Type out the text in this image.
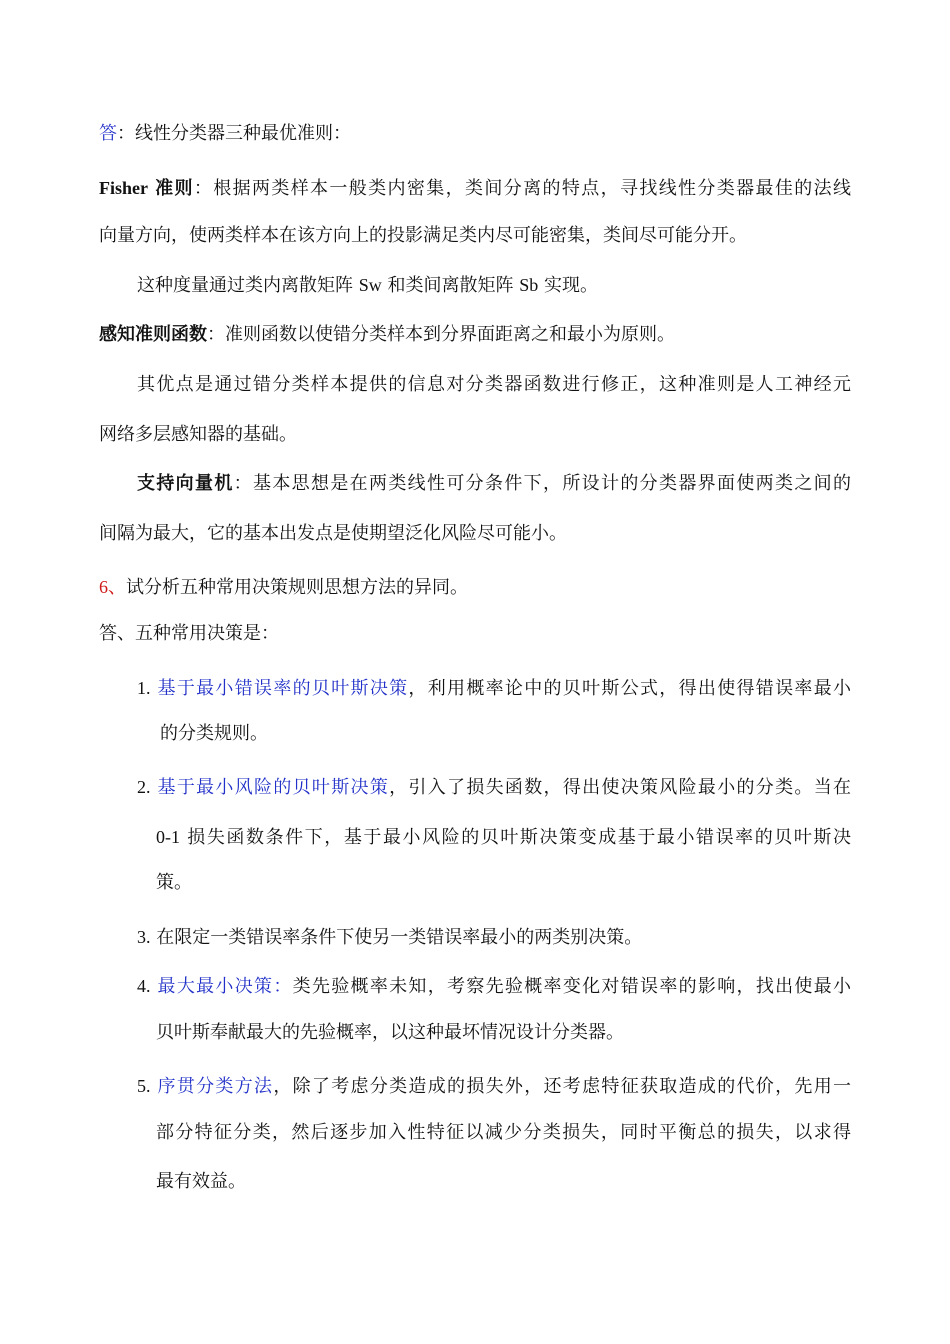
答：线性分类器三种最优准则：
Fisher 准则：根据两类样本一般类内密集，类间分离的特点，寻找线性分类器最佳的法线
向量方向，使两类样本在该方向上的投影满足类内尽可能密集，类间尽可能分开。
这种度量通过类内离散矩阵 Sw 和类间离散矩阵 Sb 实现。
感知准则函数：准则函数以使错分类样本到分界面距离之和最小为原则。
其优点是通过错分类样本提供的信息对分类器函数进行修正，这种准则是人工神经元
网络多层感知器的基础。
支持向量机：基本思想是在两类线性可分条件下，所设计的分类器界面使两类之间的
间隔为最大，它的基本出发点是使期望泛化风险尽可能小。
6、试分析五种常用决策规则思想方法的异同。
答、五种常用决策是：
1. 基于最小错误率的贝叶斯决策，利用概率论中的贝叶斯公式，得出使得错误率最小
的分类规则。
2. 基于最小风险的贝叶斯决策，引入了损失函数，得出使决策风险最小的分类。当在
0-1 损失函数条件下，基于最小风险的贝叶斯决策变成基于最小错误率的贝叶斯决
策。
3. 在限定一类错误率条件下使另一类错误率最小的两类别决策。
4. 最大最小决策：类先验概率未知，考察先验概率变化对错误率的影响，找出使最小
贝叶斯奉献最大的先验概率，以这种最坏情况设计分类器。
5. 序贯分类方法，除了考虑分类造成的损失外，还考虑特征获取造成的代价，先用一
部分特征分类，然后逐步加入性特征以减少分类损失，同时平衡总的损失，以求得
最有效益。
